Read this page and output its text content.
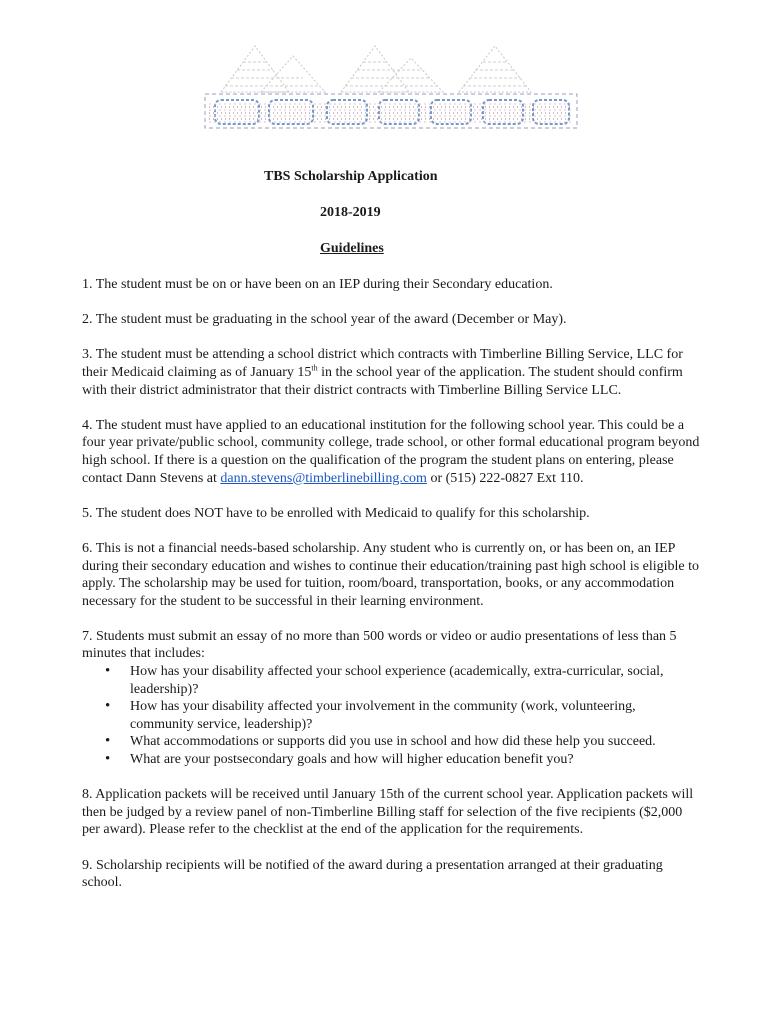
TBS Scholarship Application
2018-2019
Guidelines

1. The student must be on or have been on an IEP during their Secondary education.

2. The student must be graduating in the school year of the award (December or May).

3. The student must be attending a school district which contracts with Timberline Billing Service, LLC for their Medicaid claiming as of January 15th in the school year of the application. The student should confirm with their district administrator that their district contracts with Timberline Billing Service LLC.

4. The student must have applied to an educational institution for the following school year. This could be a four year private/public school, community college, trade school, or other formal educational program beyond high school. If there is a question on the qualification of the program the student plans on entering, please contact Dann Stevens at dann.stevens@timberlinebilling.com or (515) 222-0827 Ext 110.

5. The student does NOT have to be enrolled with Medicaid to qualify for this scholarship.

6. This is not a financial needs-based scholarship. Any student who is currently on, or has been on, an IEP during their secondary education and wishes to continue their education/training past high school is eligible to apply. The scholarship may be used for tuition, room/board, transportation, books, or any accommodation necessary for the student to be successful in their learning environment.

7. Students must submit an essay of no more than 500 words or video or audio presentations of less than 5 minutes that includes:

• How has your disability affected your school experience (academically, extra-curricular, social, leadership)?
• How has your disability affected your involvement in the community (work, volunteering, community service, leadership)?
• What accommodations or supports did you use in school and how did these help you succeed.
• What are your postsecondary goals and how will higher education benefit you?

8. Application packets will be received until January 15th of the current school year. Application packets will then be judged by a review panel of non-Timberline Billing staff for selection of the five recipients ($2,000 per award). Please refer to the checklist at the end of the application for the requirements.

9. Scholarship recipients will be notified of the award during a presentation arranged at their graduating school.
